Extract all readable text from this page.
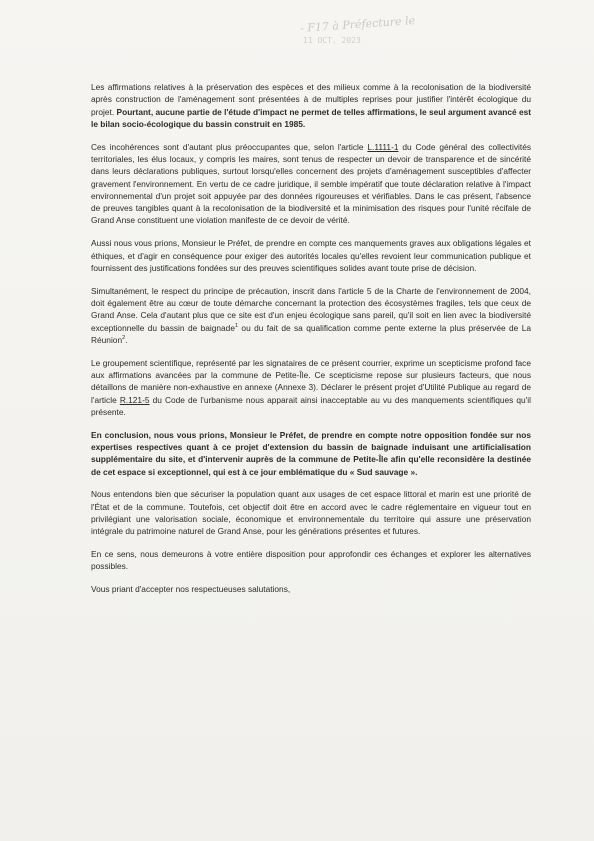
- F17 à Préfecture le
11 OCT. 2023

Les affirmations relatives à la préservation des espèces et des milieux comme à la recolonisation de la biodiversité après construction de l'aménagement sont présentées à de multiples reprises pour justifier l'intérêt écologique du projet. Pourtant, aucune partie de l'étude d'impact ne permet de telles affirmations, le seul argument avancé est le bilan socio-écologique du bassin construit en 1985.

Ces incohérences sont d'autant plus préoccupantes que, selon l'article L.1111-1 du Code général des collectivités territoriales, les élus locaux, y compris les maires, sont tenus de respecter un devoir de transparence et de sincérité dans leurs déclarations publiques, surtout lorsqu'elles concernent des projets d'aménagement susceptibles d'affecter gravement l'environnement. En vertu de ce cadre juridique, il semble impératif que toute déclaration relative à l'impact environnemental d'un projet soit appuyée par des données rigoureuses et vérifiables. Dans le cas présent, l'absence de preuves tangibles quant à la recolonisation de la biodiversité et la minimisation des risques pour l'unité récifale de Grand Anse constituent une violation manifeste de ce devoir de vérité.

Aussi nous vous prions, Monsieur le Préfet, de prendre en compte ces manquements graves aux obligations légales et éthiques, et d'agir en conséquence pour exiger des autorités locales qu'elles revoient leur communication publique et fournissent des justifications fondées sur des preuves scientifiques solides avant toute prise de décision.

Simultanément, le respect du principe de précaution, inscrit dans l'article 5 de la Charte de l'environnement de 2004, doit également être au cœur de toute démarche concernant la protection des écosystèmes fragiles, tels que ceux de Grand Anse. Cela d'autant plus que ce site est d'un enjeu écologique sans pareil, qu'il soit en lien avec la biodiversité exceptionnelle du bassin de baignade$^1$ ou du fait de sa qualification comme pente externe la plus préservée de La Réunion$^2$.

Le groupement scientifique, représenté par les signataires de ce présent courrier, exprime un scepticisme profond face aux affirmations avancées par la commune de Petite-Île. Ce scepticisme repose sur plusieurs facteurs, que nous détaillons de manière non-exhaustive en annexe (Annexe 3). Déclarer le présent projet d'Utilité Publique au regard de l'article R.121-5 du Code de l'urbanisme nous apparait ainsi inacceptable au vu des manquements scientifiques qu'il présente.

En conclusion, nous vous prions, Monsieur le Préfet, de prendre en compte notre opposition fondée sur nos expertises respectives quant à ce projet d'extension du bassin de baignade induisant une artificialisation supplémentaire du site, et d'intervenir auprès de la commune de Petite-Île afin qu'elle reconsidère la destinée de cet espace si exceptionnel, qui est à ce jour emblématique du « Sud sauvage ».

Nous entendons bien que sécuriser la population quant aux usages de cet espace littoral et marin est une priorité de l'État et de la commune. Toutefois, cet objectif doit être en accord avec le cadre réglementaire en vigueur tout en privilégiant une valorisation sociale, économique et environnementale du territoire qui assure une préservation intégrale du patrimoine naturel de Grand Anse, pour les générations présentes et futures.

En ce sens, nous demeurons à votre entière disposition pour approfondir ces échanges et explorer les alternatives possibles.

Vous priant d'accepter nos respectueuses salutations,
